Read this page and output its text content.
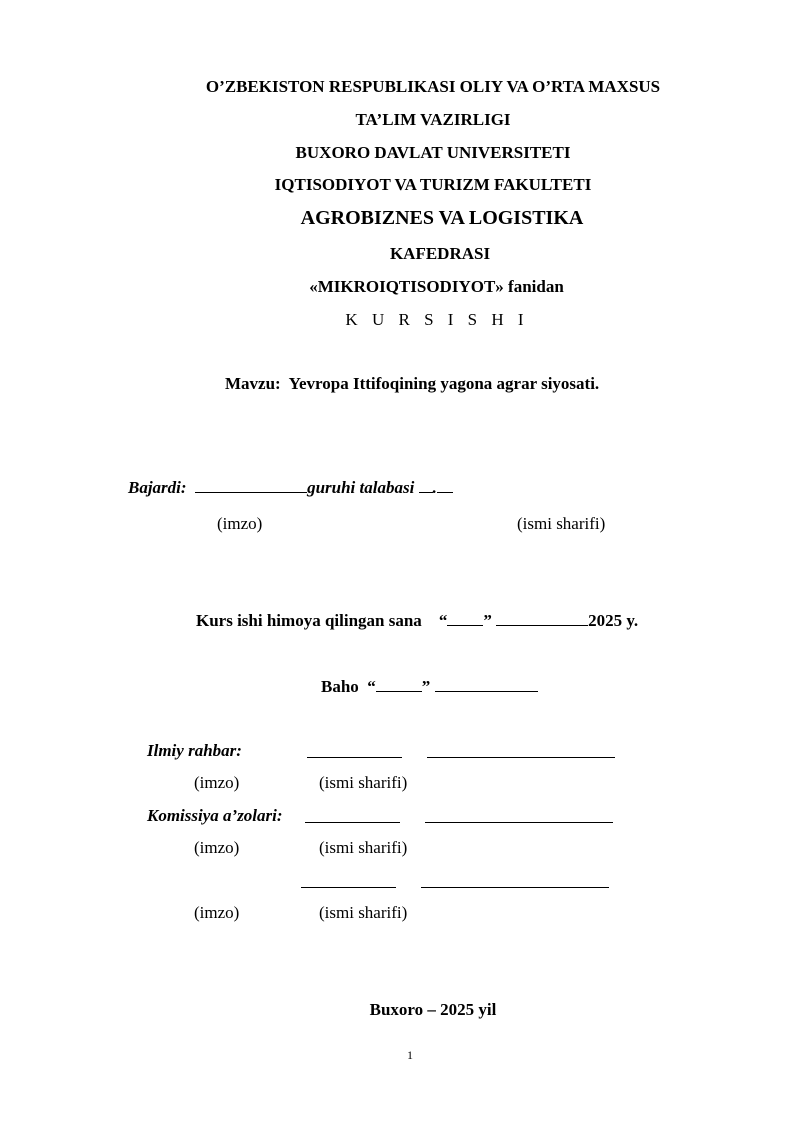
O’ZBEKISTON RESPUBLIKASI OLIY VA O’RTA MAXSUS
TA’LIM VAZIRLIGI
BUXORO DAVLAT UNIVERSITETI
IQTISODIYOT VA TURIZM FAKULTETI
AGROBIZNES VA LOGISTIKA
KAFEDRASI
«MIKROIQTISODIYOT» fanidan
K U R S I S H I
Mavzu: Yevropa Ittifoqining yagona agrar siyosati.
Bajardi:	guruhi talabasi .
(imzo)	(ismi sharifi)
Kurs ishi himoya qilingan sana “ ”	2025 y.
Baho “	”
Ilmiy rahbar:
(imzo)	(ismi sharifi)
Komissiya a’zolari:
(imzo)	(ismi sharifi)
(imzo)	(ismi sharifi)
Buxoro – 2025 yil
1
